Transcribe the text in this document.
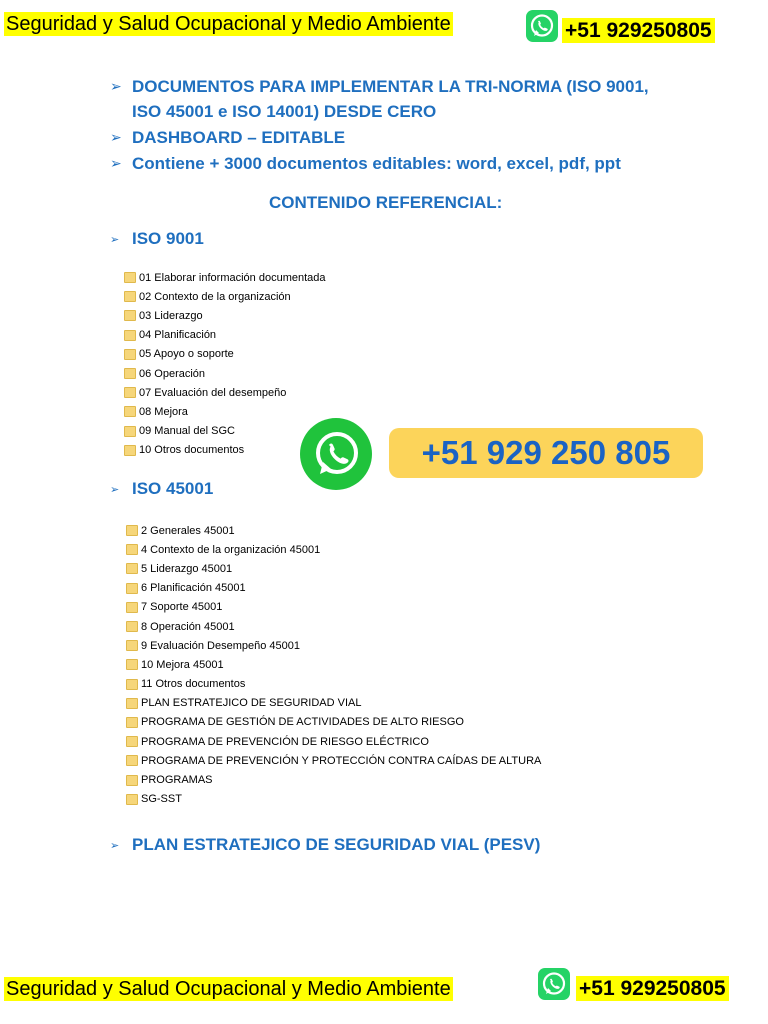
Seguridad y Salud Ocupacional y Medio Ambiente	+51 929250805
➢ DOCUMENTOS PARA IMPLEMENTAR LA TRI-NORMA (ISO 9001, ISO 45001 e ISO 14001) DESDE CERO
➢ DASHBOARD – EDITABLE
➢ Contiene + 3000 documentos editables: word, excel, pdf, ppt
CONTENIDO REFERENCIAL:
➢ ISO 9001
01 Elaborar información documentada
02 Contexto de la organización
03 Liderazgo
04 Planificación
05 Apoyo o soporte
06 Operación
07 Evaluación del desempeño
08 Mejora
09 Manual del SGC
10 Otros documentos	+51 929 250 805
➢ ISO 45001
2 Generales 45001
4 Contexto de la organización 45001
5 Liderazgo 45001
6 Planificación 45001
7 Soporte 45001
8 Operación 45001
9 Evaluación Desempeño 45001
10 Mejora 45001
11 Otros documentos
PLAN ESTRATEJICO DE SEGURIDAD VIAL
PROGRAMA DE GESTIÓN DE ACTIVIDADES DE ALTO RIESGO
PROGRAMA DE PREVENCIÓN DE RIESGO ELÉCTRICO
PROGRAMA DE PREVENCIÓN Y PROTECCIÓN CONTRA CAÍDAS DE ALTURA
PROGRAMAS
SG-SST
➢ PLAN ESTRATEJICO DE SEGURIDAD VIAL (PESV)
Seguridad y Salud Ocupacional y Medio Ambiente	+51 929250805
